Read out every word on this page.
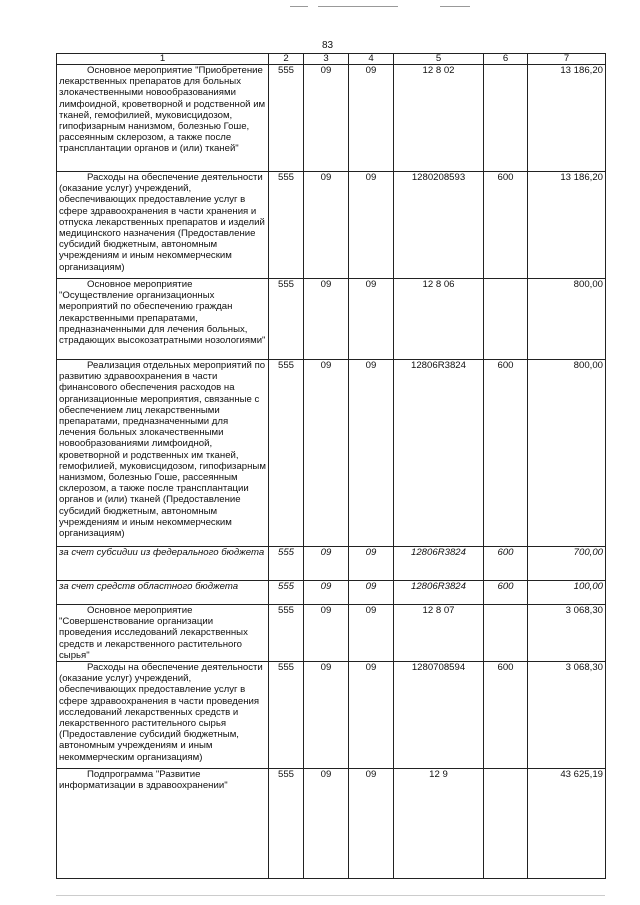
83
1	2	3	4	5	6	7
Основное мероприятие "Приобретение лекарственных препаратов для больных злокачественными новообразованиями лимфоидной, кроветворной и родственной им тканей, гемофилией, муковисцидозом, гипофизарным нанизмом, болезнью Гоше, рассеянным склерозом, а также после трансплантации органов и (или) тканей"	555	09	09	12 8 02		13 186,20
Расходы на обеспечение деятельности (оказание услуг) учреждений, обеспечивающих предоставление услуг в сфере здравоохранения в части хранения и отпуска лекарственных препаратов и изделий медицинского назначения (Предоставление субсидий бюджетным, автономным учреждениям и иным некоммерческим организациям)	555	09	09	1280208593	600	13 186,20
Основное мероприятие "Осуществление организационных мероприятий по обеспечению граждан лекарственными препаратами, предназначенными для лечения больных, страдающих высокозатратными нозологиями"	555	09	09	12 8 06		800,00
Реализация отдельных мероприятий по развитию здравоохранения в части финансового обеспечения расходов на организационные мероприятия, связанные с обеспечением лиц лекарственными препаратами, предназначенными для лечения больных злокачественными новообразованиями лимфоидной, кроветворной и родственных им тканей, гемофилией, муковисцидозом, гипофизарным нанизмом, болезнью Гоше, рассеянным склерозом, а также после трансплантации органов и (или) тканей (Предоставление субсидий бюджетным, автономным учреждениям и иным некоммерческим организациям)	555	09	09	12806R3824	600	800,00
за счет субсидии из федерального бюджета	555	09	09	12806R3824	600	700,00
за счет средств областного бюджета	555	09	09	12806R3824	600	100,00
Основное мероприятие "Совершенствование организации проведения исследований лекарственных средств и лекарственного растительного сырья"	555	09	09	12 8 07		3 068,30
Расходы на обеспечение деятельности (оказание услуг) учреждений, обеспечивающих предоставление услуг в сфере здравоохранения в части проведения исследований лекарственных средств и лекарственного растительного сырья (Предоставление субсидий бюджетным, автономным учреждениям и иным некоммерческим организациям)	555	09	09	1280708594	600	3 068,30
Подпрограмма "Развитие информатизации в здравоохранении"	555	09	09	12 9		43 625,19
